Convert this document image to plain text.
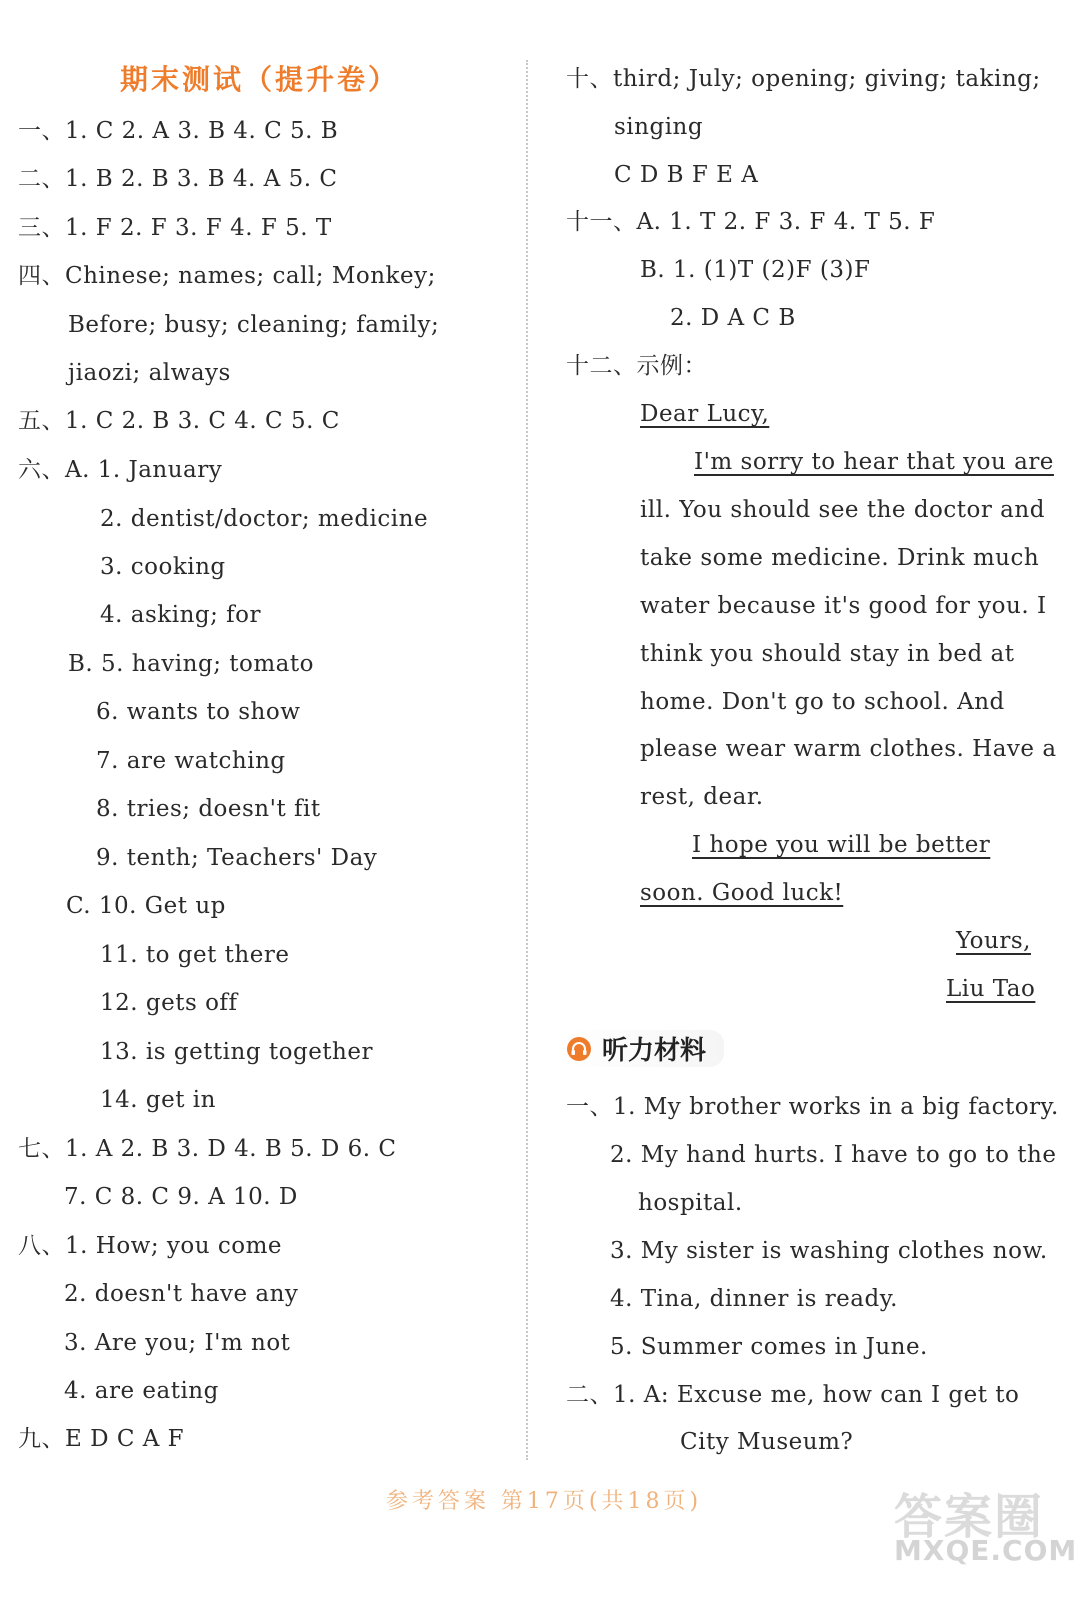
期末测试（提升卷）
一、1. C 2. A 3. B 4. C 5. B
二、1. B 2. B 3. B 4. A 5. C
三、1. F 2. F 3. F 4. F 5. T
四、Chinese; names; call; Monkey;
Before; busy; cleaning; family;
jiaozi; always
五、1. C 2. B 3. C 4. C 5. C
六、A. 1. January
2. dentist/doctor; medicine
3. cooking
4. asking; for
B. 5. having; tomato
6. wants to show
7. are watching
8. tries; doesn't fit
9. tenth; Teachers' Day
C. 10. Get up
11. to get there
12. gets off
13. is getting together
14. get in
七、1. A 2. B 3. D 4. B 5. D 6. C
7. C 8. C 9. A 10. D
八、1. How; you come
2. doesn't have any
3. Are you; I'm not
4. are eating
九、E D C A F
十、third; July; opening; giving; taking;
singing
C D B F E A
十一、A. 1. T 2. F 3. F 4. T 5. F
B. 1. (1)T (2)F (3)F
2. D A C B
十二、示例：
Dear Lucy,
I'm sorry to hear that you are
ill. You should see the doctor and
take some medicine. Drink much
water because it's good for you. I
think you should stay in bed at
home. Don't go to school. And
please wear warm clothes. Have a
rest, dear.
I hope you will be better
soon. Good luck!
Yours,
Liu Tao
听力材料
一、1. My brother works in a big factory.
2. My hand hurts. I have to go to the
hospital.
3. My sister is washing clothes now.
4. Tina, dinner is ready.
5. Summer comes in June.
二、1. A: Excuse me, how can I get to
City Museum?
参考答案 第17页(共18页)	答案圈
MXQE.COM
